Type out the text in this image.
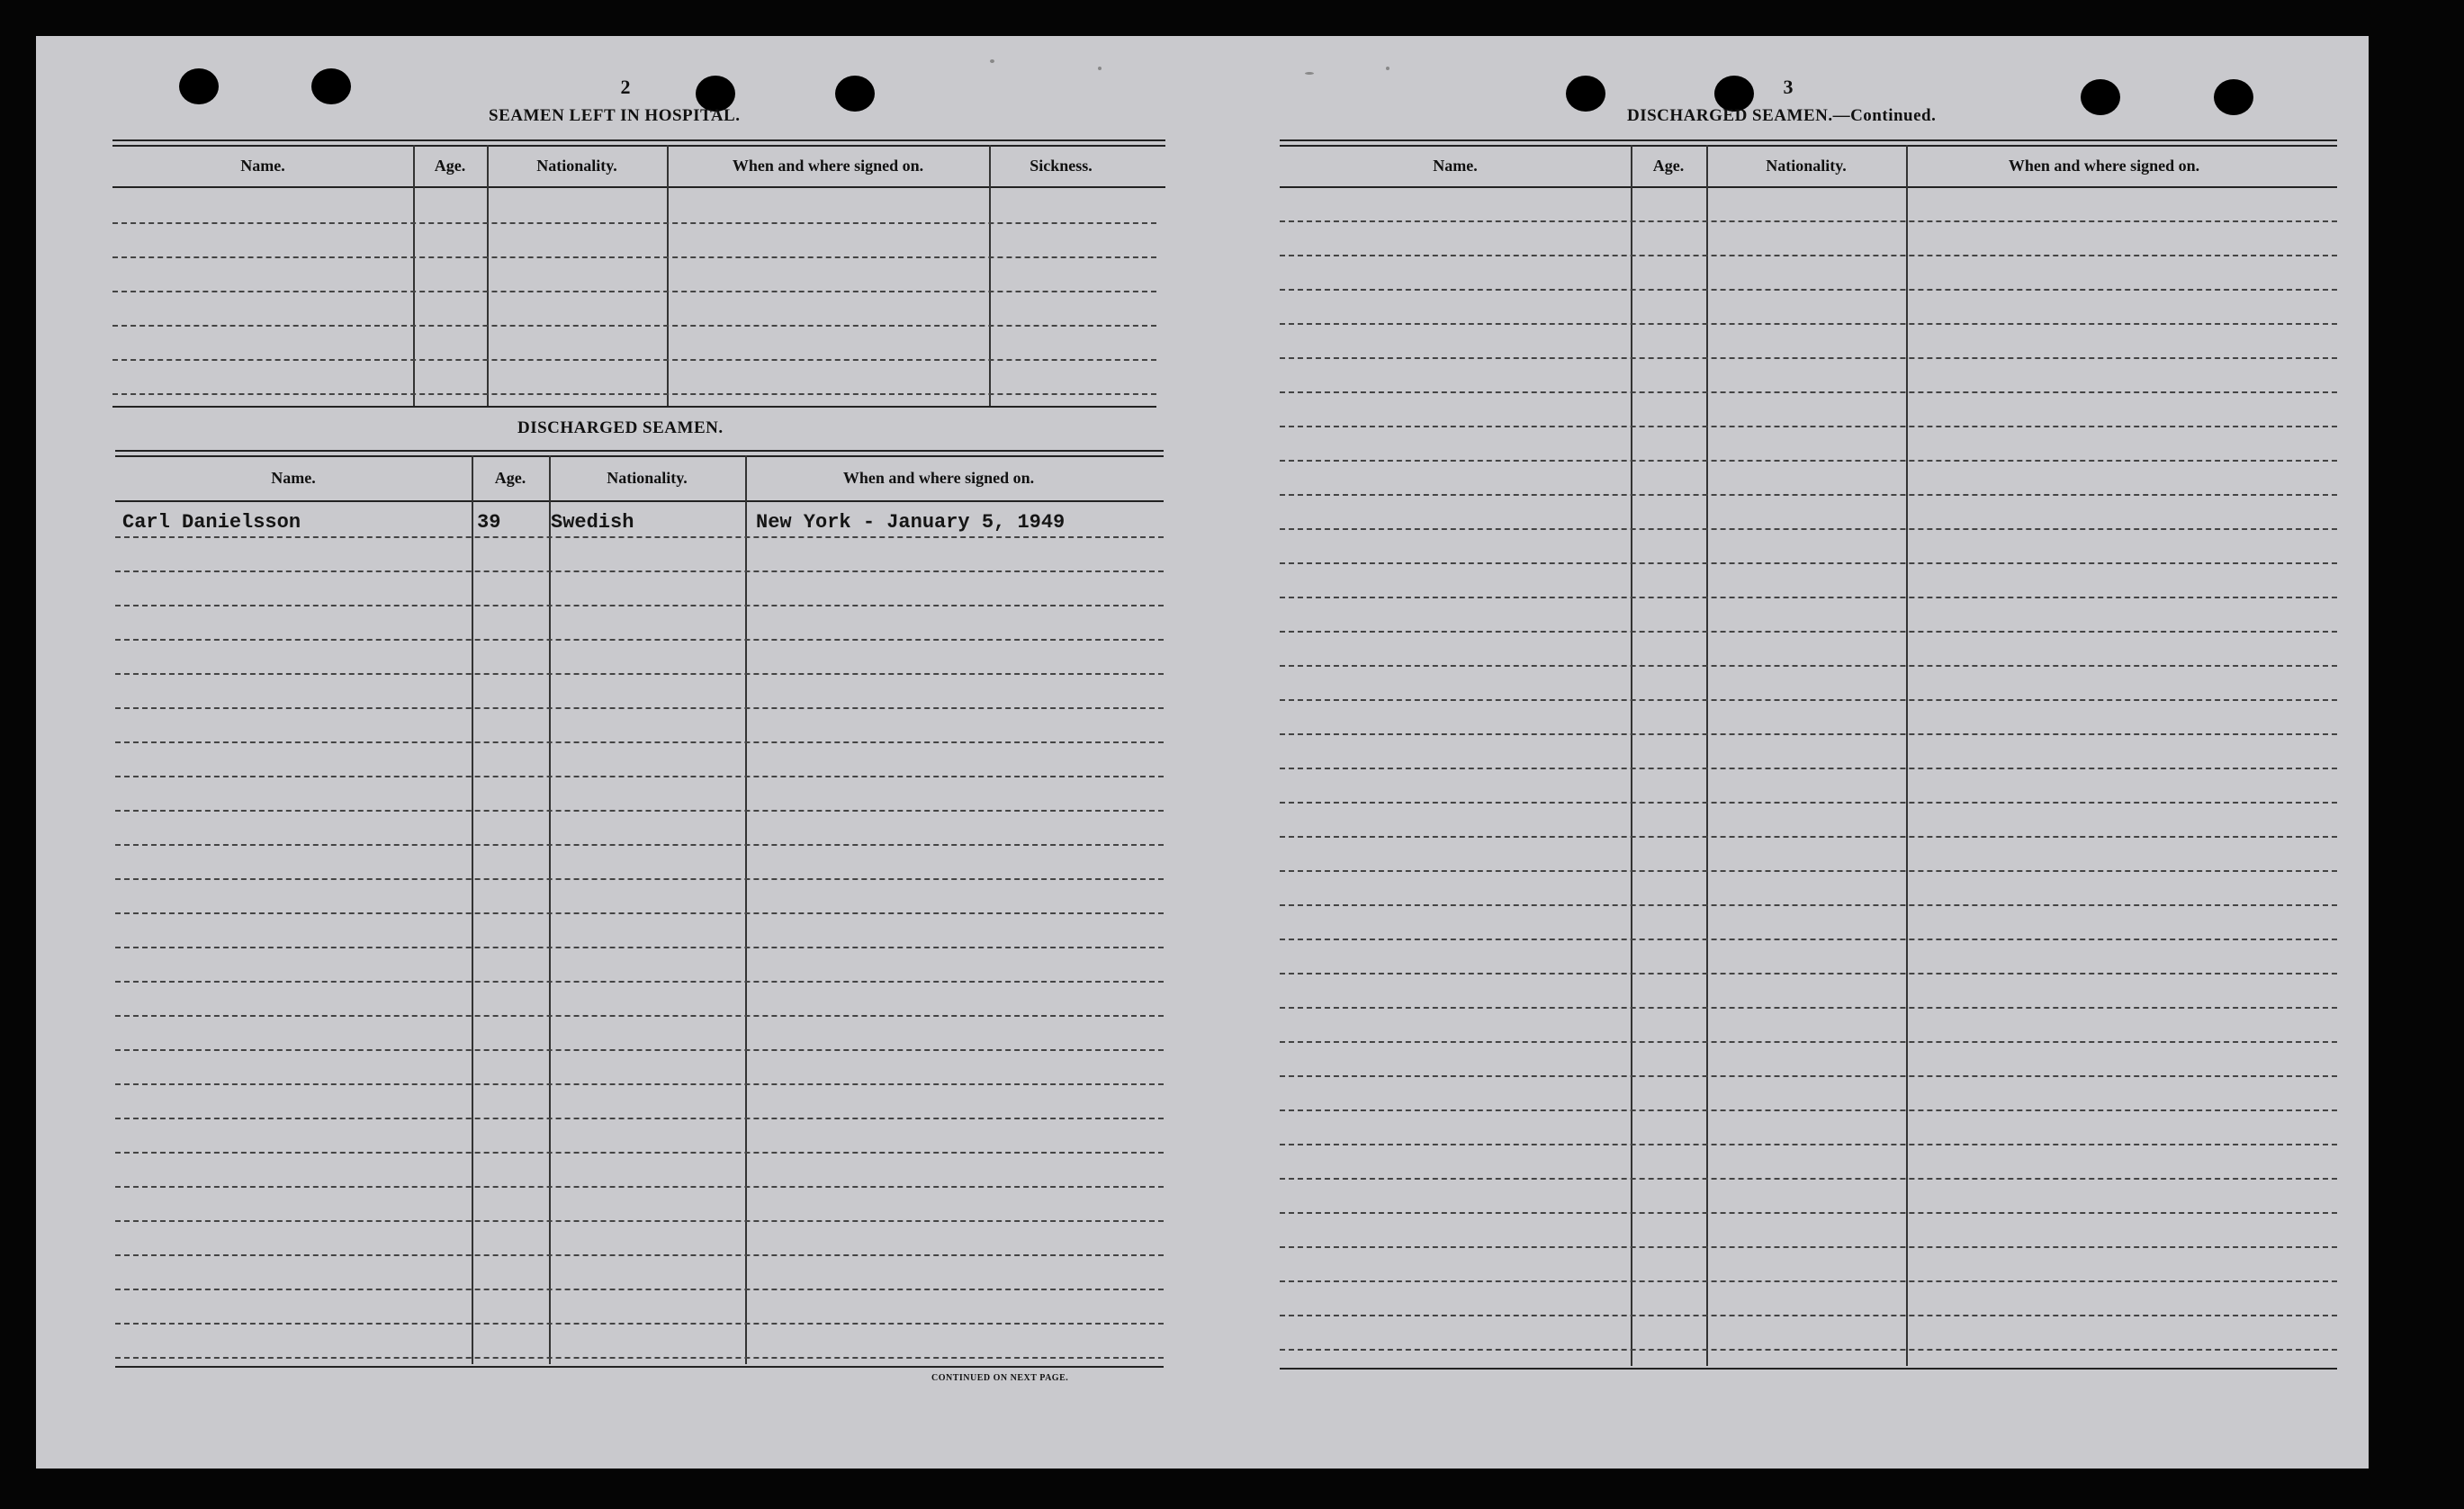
2
SEAMEN LEFT IN HOSPITAL.
Name.	Age.	Nationality.	When and where signed on.	Sickness.
DISCHARGED SEAMEN.
Name.	Age.	Nationality.	When and where signed on.
Carl Danielsson	39	Swedish	New York - January 5, 1949
CONTINUED ON NEXT PAGE.
3
DISCHARGED SEAMEN.—Continued.
Name.	Age.	Nationality.	When and where signed on.
